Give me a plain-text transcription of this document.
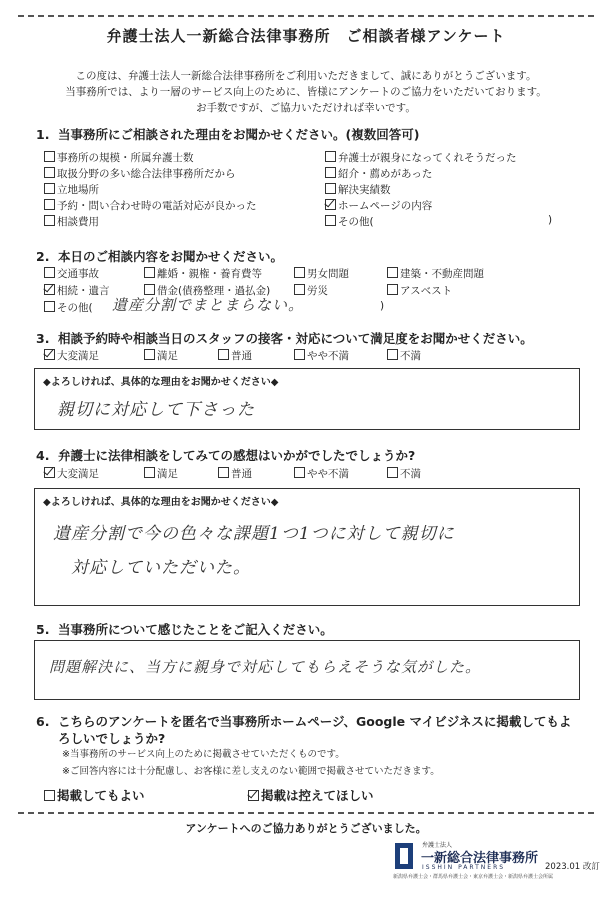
弁護士法人一新総合法律事務所　ご相談者様アンケート
この度は、弁護士法人一新総合法律事務所をご利用いただきまして、誠にありがとうございます。
当事務所では、より一層のサービス向上のために、皆様にアンケートのご協力をいただいております。
お手数ですが、ご協力いただければ幸いです。
1. 当事務所にご相談された理由をお聞かせください。(複数回答可)
事務所の規模・所属弁護士数	弁護士が親身になってくれそうだった
取扱分野の多い総合法律事務所だから	紹介・薦めがあった
立地場所	解決実績数
予約・問い合わせ時の電話対応が良かった	ホームページの内容
相談費用	その他(	)
2. 本日のご相談内容をお聞かせください。
交通事故	離婚・親権・養育費等	男女問題	建築・不動産問題
相続・遺言	借金(債務整理・過払金)	労災	アスベスト
その他( 遺産分割でまとまらない。	)
3. 相談予約時や相談当日のスタッフの接客・対応について満足度をお聞かせください。
大変満足	満足	普通	やや不満	不満
◆よろしければ、具体的な理由をお聞かせください◆
親切に対応して下さった
4. 弁護士に法律相談をしてみての感想はいかがでしたでしょうか?
大変満足	満足	普通	やや不満	不満
◆よろしければ、具体的な理由をお聞かせください◆
遺産分割で今の色々な課題1つ1つに対して親切に
対応していただいた。
5. 当事務所について感じたことをご記入ください。
問題解決に、当方に親身で対応してもらえそうな気がした。
6. こちらのアンケートを匿名で当事務所ホームページ、Google マイビジネスに掲載してもよ
ろしいでしょうか?
※当事務所のサービス向上のために掲載させていただくものです。
※ご回答内容には十分配慮し、お客様に差し支えのない範囲で掲載させていただきます。
掲載してもよい	掲載は控えてほしい
アンケートへのご協力ありがとうございました。
弁護士法人
一新総合法律事務所
ISSHIN PARTNERS
新潟県弁護士会・群馬県弁護士会・東京弁護士会・新潟県弁護士会所属
2023.01 改訂
